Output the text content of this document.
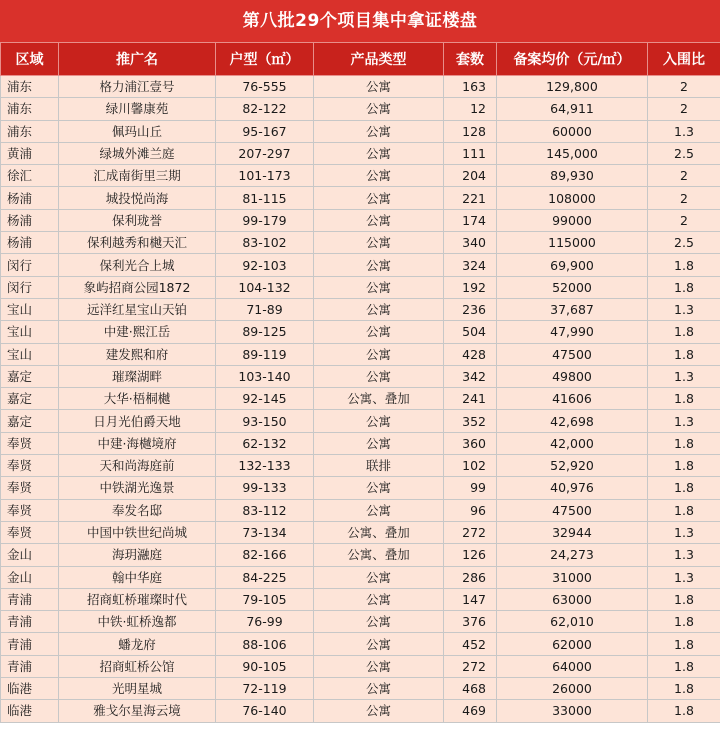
第八批29个项目集中拿证楼盘
区域	推广名	户型（㎡）	产品类型	套数	备案均价（元/㎡）	入围比
浦东	格力浦江壹号	76-555	公寓	163	129,800	2
浦东	绿川馨康苑	82-122	公寓	12	64,911	2
浦东	佩玛山丘	95-167	公寓	128	60000	1.3
黄浦	绿城外滩兰庭	207-297	公寓	111	145,000	2.5
徐汇	汇成南街里三期	101-173	公寓	204	89,930	2
杨浦	城投悦尚海	81-115	公寓	221	108000	2
杨浦	保利珑誉	99-179	公寓	174	99000	2
杨浦	保利越秀和樾天汇	83-102	公寓	340	115000	2.5
闵行	保利光合上城	92-103	公寓	324	69,900	1.8
闵行	象屿招商公园1872	104-132	公寓	192	52000	1.8
宝山	远洋红星宝山天铂	71-89	公寓	236	37,687	1.3
宝山	中建·熙江岳	89-125	公寓	504	47,990	1.8
宝山	建发熙和府	89-119	公寓	428	47500	1.8
嘉定	璀璨湖畔	103-140	公寓	342	49800	1.3
嘉定	大华·梧桐樾	92-145	公寓、叠加	241	41606	1.8
嘉定	日月光伯爵天地	93-150	公寓	352	42,698	1.3
奉贤	中建·海樾境府	62-132	公寓	360	42,000	1.8
奉贤	天和尚海庭前	132-133	联排	102	52,920	1.8
奉贤	中铁湖光逸景	99-133	公寓	99	40,976	1.8
奉贤	奉发名邸	83-112	公寓	96	47500	1.8
奉贤	中国中铁世纪尚城	73-134	公寓、叠加	272	32944	1.3
金山	海玥瀜庭	82-166	公寓、叠加	126	24,273	1.3
金山	翰中华庭	84-225	公寓	286	31000	1.3
青浦	招商虹桥璀璨时代	79-105	公寓	147	63000	1.8
青浦	中铁·虹桥逸都	76-99	公寓	376	62,010	1.8
青浦	蟠龙府	88-106	公寓	452	62000	1.8
青浦	招商虹桥公馆	90-105	公寓	272	64000	1.8
临港	光明星城	72-119	公寓	468	26000	1.8
临港	雅戈尔星海云境	76-140	公寓	469	33000	1.8
